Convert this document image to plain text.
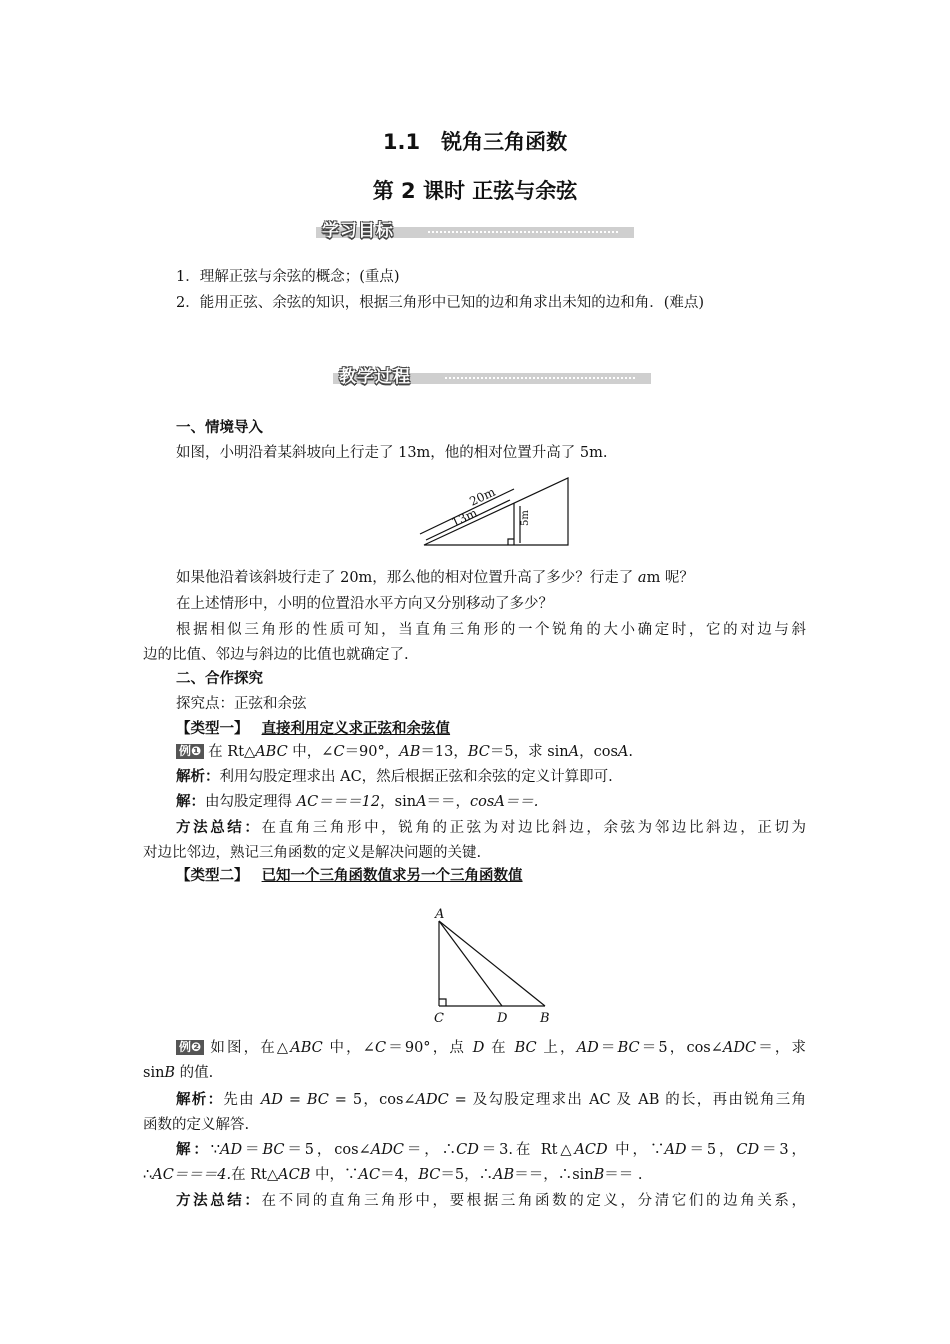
1.1　锐角三角函数
第 2 课时 正弦与余弦
学习目标
1．理解正弦与余弦的概念；(重点)
2．能用正弦、余弦的知识，根据三角形中已知的边和角求出未知的边和角．(难点)
教学过程
一、情境导入
如图，小明沿着某斜坡向上行走了 13m，他的相对位置升高了 5m.
20m
13m	5m
如果他沿着该斜坡行走了 20m，那么他的相对位置升高了多少？行走了 am 呢？
在上述情形中，小明的位置沿水平方向又分别移动了多少？
根据相似三角形的性质可知，当直角三角形的一个锐角的大小确定时，它的对边与斜
边的比值、邻边与斜边的比值也就确定了.
二、合作探究
探究点：正弦和余弦
【类型一】 直接利用定义求正弦和余弦值
例❶ 在 Rt△ABC 中，∠C＝90°，AB＝13，BC＝5，求 sinA，cosA.
解析：利用勾股定理求出 AC，然后根据正弦和余弦的定义计算即可.
解：由勾股定理得 AC＝＝＝12，sinA＝＝，cosA＝＝.
方法总结：在直角三角形中，锐角的正弦为对边比斜边，余弦为邻边比斜边，正切为
对边比邻边，熟记三角函数的定义是解决问题的关键.
【类型二】 已知一个三角函数值求另一个三角函数值
A
C	D	B
例❷ 如图，在△ABC 中，∠C＝90°，点 D 在 BC 上，AD＝BC＝5，cos∠ADC＝，求
sinB 的值.
解析：先由 AD = BC = 5，cos∠ADC = 及勾股定理求出 AC 及 AB 的长，再由锐角三角
函数的定义解答.
解：∵AD＝BC＝5，cos∠ADC＝，∴CD＝3.在 Rt△ACD 中，∵AD＝5，CD＝3，
∴AC＝＝＝4.在 Rt△ACB 中，∵AC＝4，BC＝5，∴AB＝＝，∴sinB＝＝ .
方法总结：在不同的直角三角形中，要根据三角函数的定义，分清它们的边角关系，
